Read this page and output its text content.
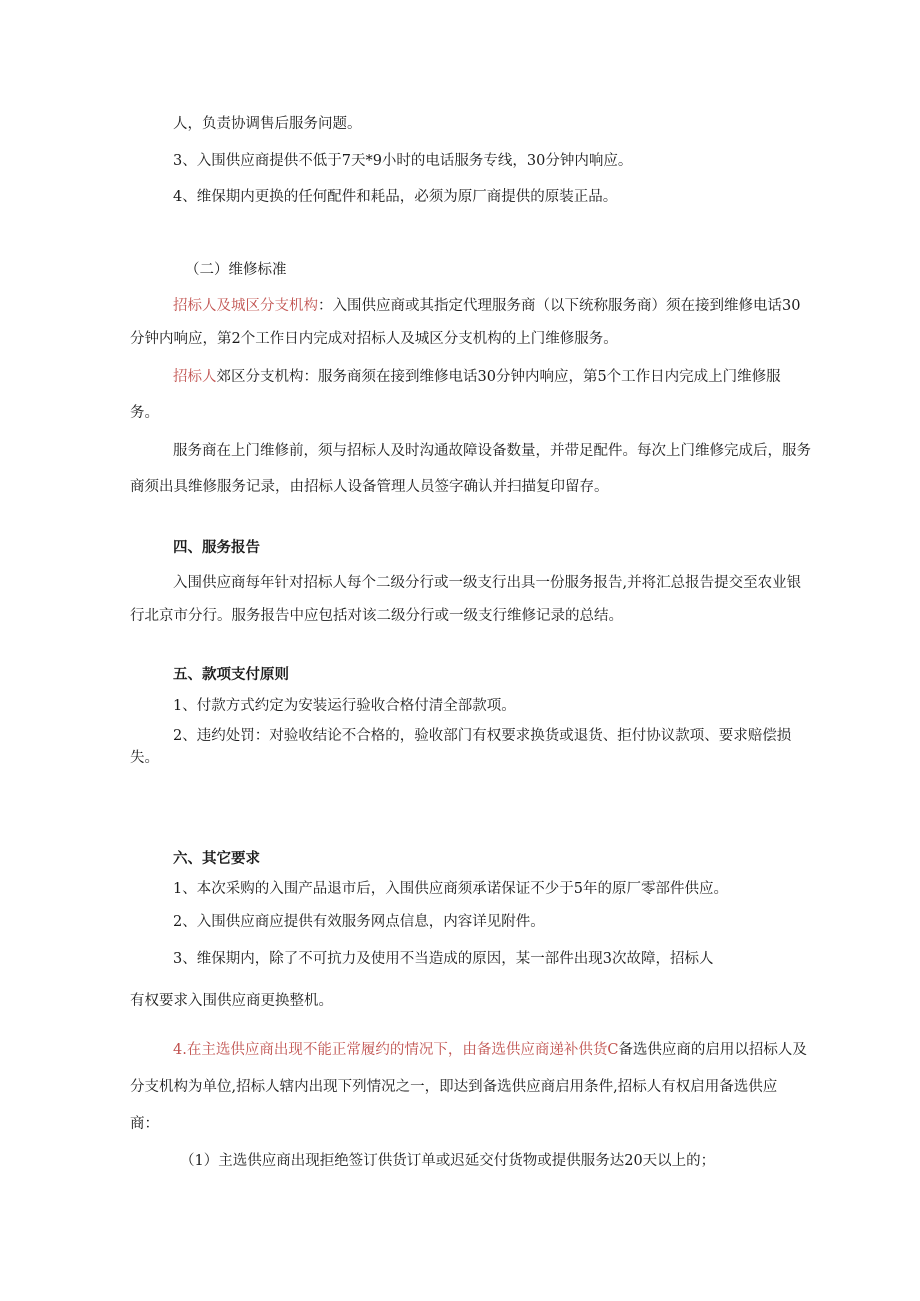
人，负责协调售后服务问题。
3、入围供应商提供不低于7天*9小时的电话服务专线，30分钟内响应。
4、维保期内更换的任何配件和耗品，必须为原厂商提供的原装正品。
（二）维修标准
招标人及城区分支机构：入围供应商或其指定代理服务商（以下统称服务商）须在接到维修电话30
分钟内响应，第2个工作日内完成对招标人及城区分支机构的上门维修服务。
招标人郊区分支机构：服务商须在接到维修电话30分钟内响应，第5个工作日内完成上门维修服
务。
服务商在上门维修前，须与招标人及时沟通故障设备数量，并带足配件。每次上门维修完成后，服务
商须出具维修服务记录，由招标人设备管理人员签字确认并扫描复印留存。
四、服务报告
入围供应商每年针对招标人每个二级分行或一级支行出具一份服务报告,并将汇总报告提交至农业银
行北京市分行。服务报告中应包括对该二级分行或一级支行维修记录的总结。
五、款项支付原则
1、付款方式约定为安装运行验收合格付清全部款项。
2、违约处罚：对验收结论不合格的，验收部门有权要求换货或退货、拒付协议款项、要求赔偿损
失。
六、其它要求
1、本次采购的入围产品退市后，入围供应商须承诺保证不少于5年的原厂零部件供应。
2、入围供应商应提供有效服务网点信息，内容详见附件。
3、维保期内，除了不可抗力及使用不当造成的原因，某一部件出现3次故障，招标人
有权要求入围供应商更换整机。
4.在主选供应商出现不能正常履约的情况下，由备选供应商递补供货C备选供应商的启用以招标人及
分支机构为单位,招标人辖内出现下列情况之一，即达到备选供应商启用条件,招标人有权启用备选供应
商：
（1）主选供应商出现拒绝签订供货订单或迟延交付货物或提供服务达20天以上的；
